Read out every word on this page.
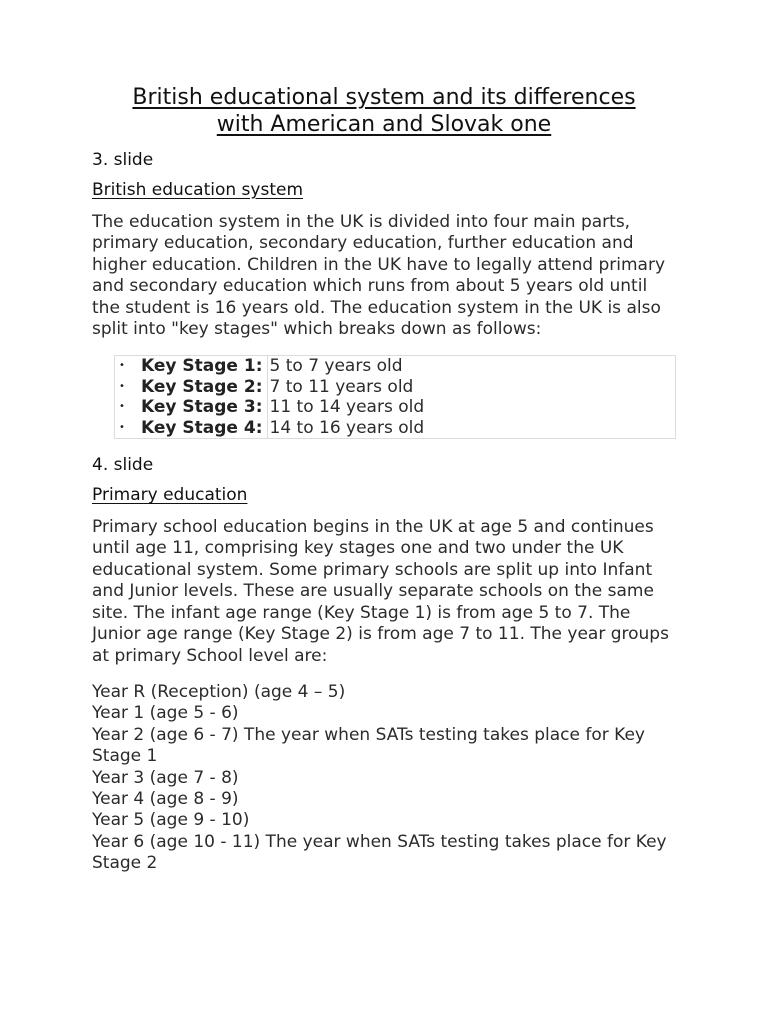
British educational system and its differences
with American and Slovak one
3. slide
British education system

The education system in the UK is divided into four main parts, primary education, secondary education, further education and higher education. Children in the UK have to legally attend primary and secondary education which runs from about 5 years old until the student is 16 years old. The education system in the UK is also split into "key stages" which breaks down as follows:

• Key Stage 1: 5 to 7 years old
• Key Stage 2: 7 to 11 years old
• Key Stage 3: 11 to 14 years old
• Key Stage 4: 14 to 16 years old
4. slide
Primary education

Primary school education begins in the UK at age 5 and continues until age 11, comprising key stages one and two under the UK educational system. Some primary schools are split up into Infant and Junior levels. These are usually separate schools on the same site. The infant age range (Key Stage 1) is from age 5 to 7. The Junior age range (Key Stage 2) is from age 7 to 11. The year groups at primary School level are:

Year R (Reception) (age 4 – 5)
Year 1 (age 5 - 6)
Year 2 (age 6 - 7) The year when SATs testing takes place for Key Stage 1
Year 3 (age 7 - 8)
Year 4 (age 8 - 9)
Year 5 (age 9 - 10)
Year 6 (age 10 - 11) The year when SATs testing takes place for Key Stage 2
